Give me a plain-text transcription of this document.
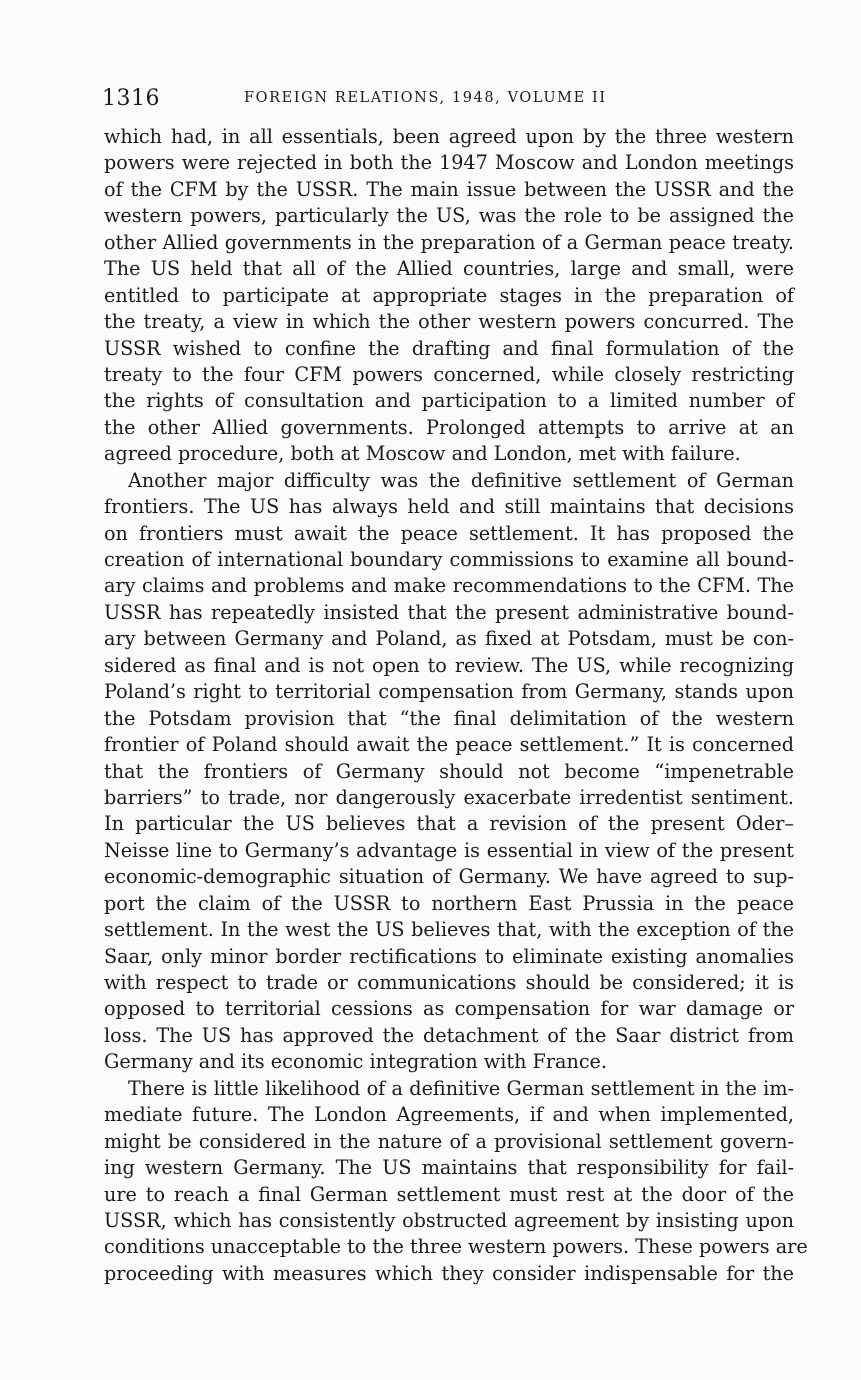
1316	FOREIGN RELATIONS, 1948, VOLUME II
which had, in all essentials, been agreed upon by the three western
powers were rejected in both the 1947 Moscow and London meetings
of the CFM by the USSR. The main issue between the USSR and the
western powers, particularly the US, was the role to be assigned the
other Allied governments in the preparation of a German peace treaty.
The US held that all of the Allied countries, large and small, were
entitled to participate at appropriate stages in the preparation of
the treaty, a view in which the other western powers concurred. The
USSR wished to confine the drafting and final formulation of the
treaty to the four CFM powers concerned, while closely restricting
the rights of consultation and participation to a limited number of
the other Allied governments. Prolonged attempts to arrive at an
agreed procedure, both at Moscow and London, met with failure.
Another major difficulty was the definitive settlement of German
frontiers. The US has always held and still maintains that decisions
on frontiers must await the peace settlement. It has proposed the
creation of international boundary commissions to examine all bound-
ary claims and problems and make recommendations to the CFM. The
USSR has repeatedly insisted that the present administrative bound-
ary between Germany and Poland, as fixed at Potsdam, must be con-
sidered as final and is not open to review. The US, while recognizing
Poland’s right to territorial compensation from Germany, stands upon
the Potsdam provision that “the final delimitation of the western
frontier of Poland should await the peace settlement.” It is concerned
that the frontiers of Germany should not become “impenetrable
barriers” to trade, nor dangerously exacerbate irredentist sentiment.
In particular the US believes that a revision of the present Oder–
Neisse line to Germany’s advantage is essential in view of the present
economic-demographic situation of Germany. We have agreed to sup-
port the claim of the USSR to northern East Prussia in the peace
settlement. In the west the US believes that, with the exception of the
Saar, only minor border rectifications to eliminate existing anomalies
with respect to trade or communications should be considered; it is
opposed to territorial cessions as compensation for war damage or
loss. The US has approved the detachment of the Saar district from
Germany and its economic integration with France.
There is little likelihood of a definitive German settlement in the im-
mediate future. The London Agreements, if and when implemented,
might be considered in the nature of a provisional settlement govern-
ing western Germany. The US maintains that responsibility for fail-
ure to reach a final German settlement must rest at the door of the
USSR, which has consistently obstructed agreement by insisting upon
conditions unacceptable to the three western powers. These powers are
proceeding with measures which they consider indispensable for the
